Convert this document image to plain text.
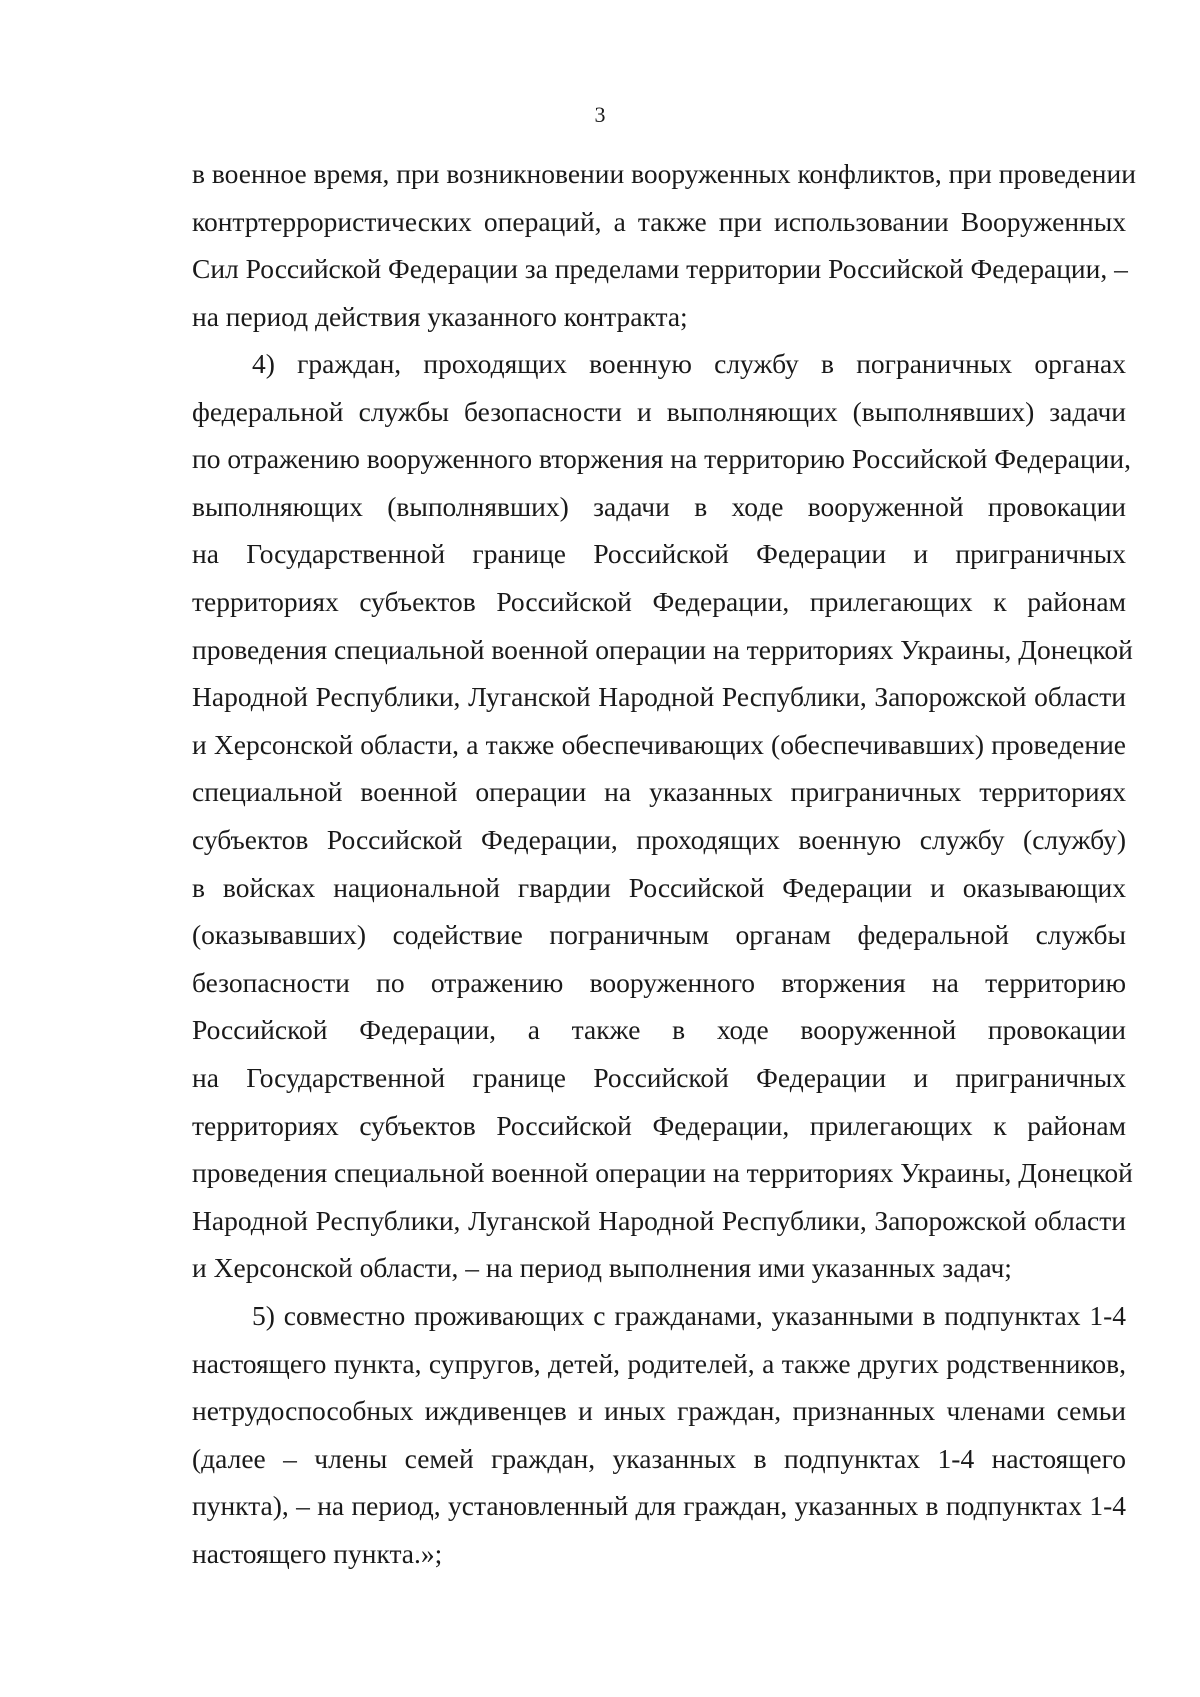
3
в военное время, при возникновении вооруженных конфликтов, при проведении
контртеррористических операций, а также при использовании Вооруженных
Сил Российской Федерации за пределами территории Российской Федерации, –
на период действия указанного контракта;
4) граждан, проходящих военную службу в пограничных органах
федеральной службы безопасности и выполняющих (выполнявших) задачи
по отражению вооруженного вторжения на территорию Российской Федерации,
выполняющих (выполнявших) задачи в ходе вооруженной провокации
на Государственной границе Российской Федерации и приграничных
территориях субъектов Российской Федерации, прилегающих к районам
проведения специальной военной операции на территориях Украины, Донецкой
Народной Республики, Луганской Народной Республики, Запорожской области
и Херсонской области, а также обеспечивающих (обеспечивавших) проведение
специальной военной операции на указанных приграничных территориях
субъектов Российской Федерации, проходящих военную службу (службу)
в войсках национальной гвардии Российской Федерации и оказывающих
(оказывавших) содействие пограничным органам федеральной службы
безопасности по отражению вооруженного вторжения на территорию
Российской Федерации, а также в ходе вооруженной провокации
на Государственной границе Российской Федерации и приграничных
территориях субъектов Российской Федерации, прилегающих к районам
проведения специальной военной операции на территориях Украины, Донецкой
Народной Республики, Луганской Народной Республики, Запорожской области
и Херсонской области, – на период выполнения ими указанных задач;
5) совместно проживающих с гражданами, указанными в подпунктах 1-4
настоящего пункта, супругов, детей, родителей, а также других родственников,
нетрудоспособных иждивенцев и иных граждан, признанных членами семьи
(далее – члены семей граждан, указанных в подпунктах 1-4 настоящего
пункта), – на период, установленный для граждан, указанных в подпунктах 1-4
настоящего пункта.»;
